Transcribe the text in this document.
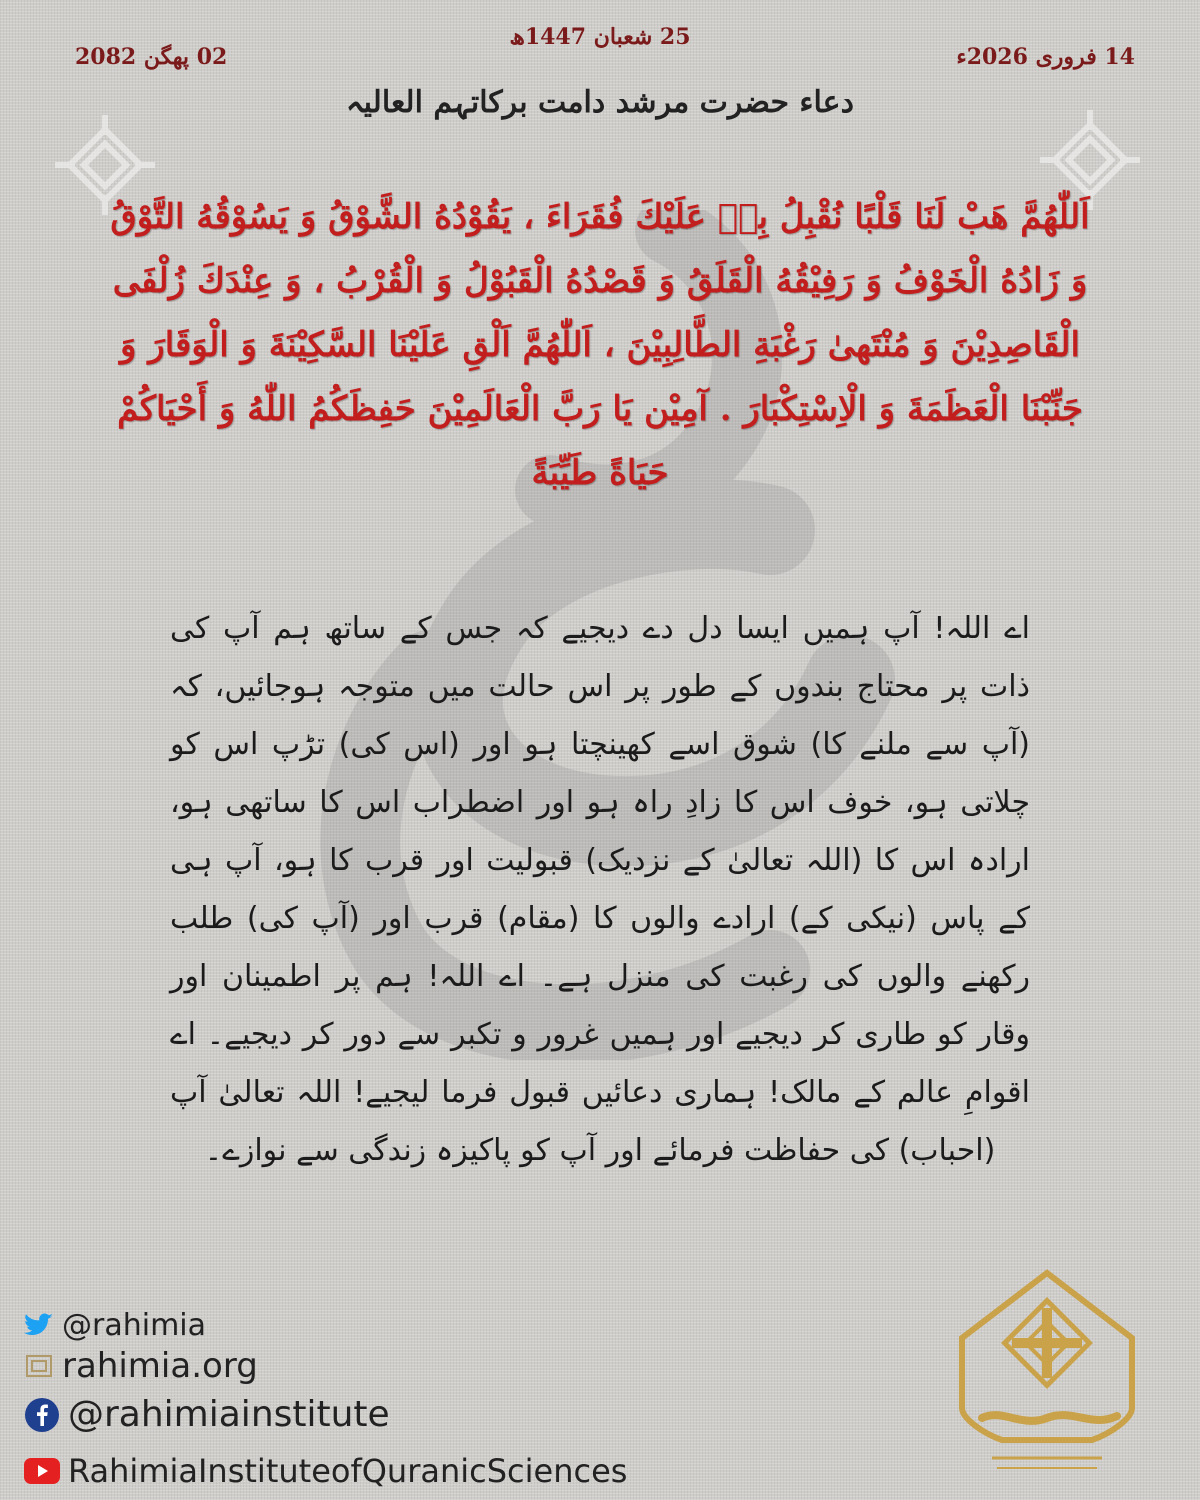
25 شعبان 1447ھ
14 فروری 2026ء
02 پھگن 2082
دعاء حضرت مرشد دامت برکاتہم العالیہ
اَللّٰهُمَّ هَبْ لَنَا قَلْبًا نُقْبِلُ بِهٖ عَلَيْكَ فُقَرَاءَ ، يَقُوْدُهُ الشَّوْقُ وَ يَسُوْقُهُ التَّوْقُ وَ زَادُهُ الْخَوْفُ وَ رَفِيْقُهُ الْقَلَقُ وَ قَصْدُهُ الْقَبُوْلُ وَ الْقُرْبُ ، وَ عِنْدَكَ زُلْفَى الْقَاصِدِيْنَ وَ مُنْتَهىٰ رَغْبَةِ الطَّالِبِيْنَ ، اَللّٰهُمَّ اَلْقِ عَلَيْنَا السَّكِيْنَةَ وَ الْوَقَارَ وَ جَنِّبْنَا الْعَظَمَةَ وَ الْاِسْتِكْبَارَ . آمِيْن يَا رَبَّ الْعَالَمِيْنَ حَفِظَكُمُ اللّٰهُ وَ أَحْيَاكُمْ حَيَاةً طَيِّبَةً
اے اللہ! آپ ہمیں ایسا دل دے دیجیے کہ جس کے ساتھ ہم آپ کی ذات پر محتاج بندوں کے طور پر اس حالت میں متوجہ ہوجائیں، کہ (آپ سے ملنے کا) شوق اسے کھینچتا ہو اور (اس کی) تڑپ اس کو چلاتی ہو، خوف اس کا زادِ راہ ہو اور اضطراب اس کا ساتھی ہو، ارادہ اس کا (اللہ تعالیٰ کے نزدیک) قبولیت اور قرب کا ہو، آپ ہی کے پاس (نیکی کے) ارادے والوں کا (مقام) قرب اور (آپ کی) طلب رکھنے والوں کی رغبت کی منزل ہے۔ اے اللہ! ہم پر اطمینان اور وقار کو طاری کر دیجیے اور ہمیں غرور و تکبر سے دور کر دیجیے۔ اے اقوامِ عالم کے مالک! ہماری دعائیں قبول فرما لیجیے! اللہ تعالیٰ آپ (احباب) کی حفاظت فرمائے اور آپ کو پاکیزہ زندگی سے نوازے۔
@rahimia
rahimia.org
@rahimiainstitute
RahimiaInstituteofQuranicSciences
